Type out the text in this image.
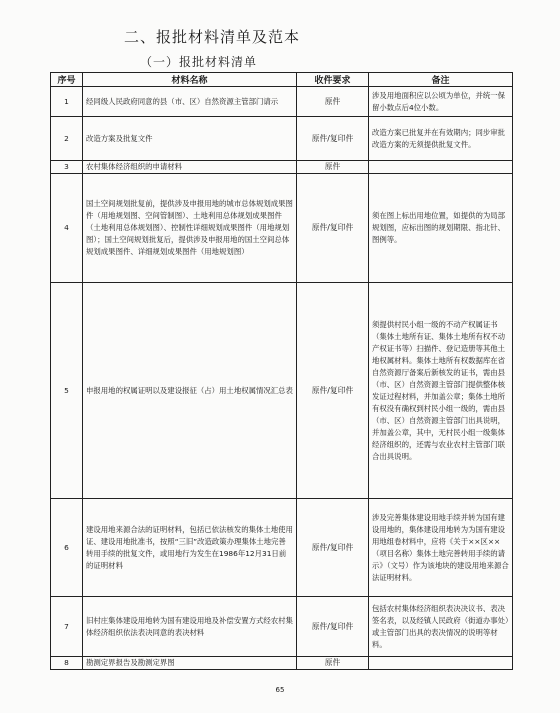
二、报批材料清单及范本
（一）报批材料清单
序号	材料名称	收件要求	备注
1	经同级人民政府同意的县（市、区）自然资源主管部门请示	原件	涉及用地面积应以公顷为单位，并统一保留小数点后4位小数。
2	改造方案及批复文件	原件/复印件	改造方案已批复并在有效期内；同步审批改造方案的无须提供批复文件。
3	农村集体经济组织的申请材料	原件	
4	国土空间规划批复前，提供涉及申报用地的城市总体规划成果图件（用地规划图、空间管制图）、土地利用总体规划成果图件（土地利用总体规划图）、控制性详细规划成果图件（用地规划图）；国土空间规划批复后，提供涉及申报用地的国土空间总体规划成果图件、详细规划成果图件（用地规划图）	原件/复印件	须在图上标出用地位置，如提供的为局部规划图，应标出图的规划期限、指北针、图例等。
5	申报用地的权属证明以及建设报征（占）用土地权属情况汇总表	原件/复印件	须提供村民小组一级的不动产权属证书（集体土地所有证、集体土地所有权不动产权证书等）扫描件、登记造册等其他土地权属材料。集体土地所有权数据库在省自然资源厅备案后新核发的证书，需由县（市、区）自然资源主管部门提供整体核发证过程材料，并加盖公章；集体土地所有权没有确权到村民小组一级的，需由县（市、区）自然资源主管部门出具说明，并加盖公章，其中，无村民小组一级集体经济组织的，还需与农业农村主管部门联合出具说明。
6	建设用地来源合法的证明材料，包括已依法核发的集体土地使用证、建设用地批准书，按照“三旧”改造政策办理集体土地完善转用手续的批复文件，或用地行为发生在1986年12月31日前的证明材料	原件/复印件	涉及完善集体建设用地手续并转为国有建设用地的，集体建设用地转为为国有建设用地组卷材料中，应将《关于××区××（项目名称）集体土地完善转用手续的请示》（文号）作为该地块的建设用地来源合法证明材料。
7	旧村庄集体建设用地转为国有建设用地及补偿安置方式经农村集体经济组织依法表决同意的表决材料	原件/复印件	包括农村集体经济组织表决决议书、表决签名表，以及经镇人民政府（街道办事处）或主管部门出具的表决情况的说明等材料。
8	勘测定界报告及勘测定界图	原件	
65
